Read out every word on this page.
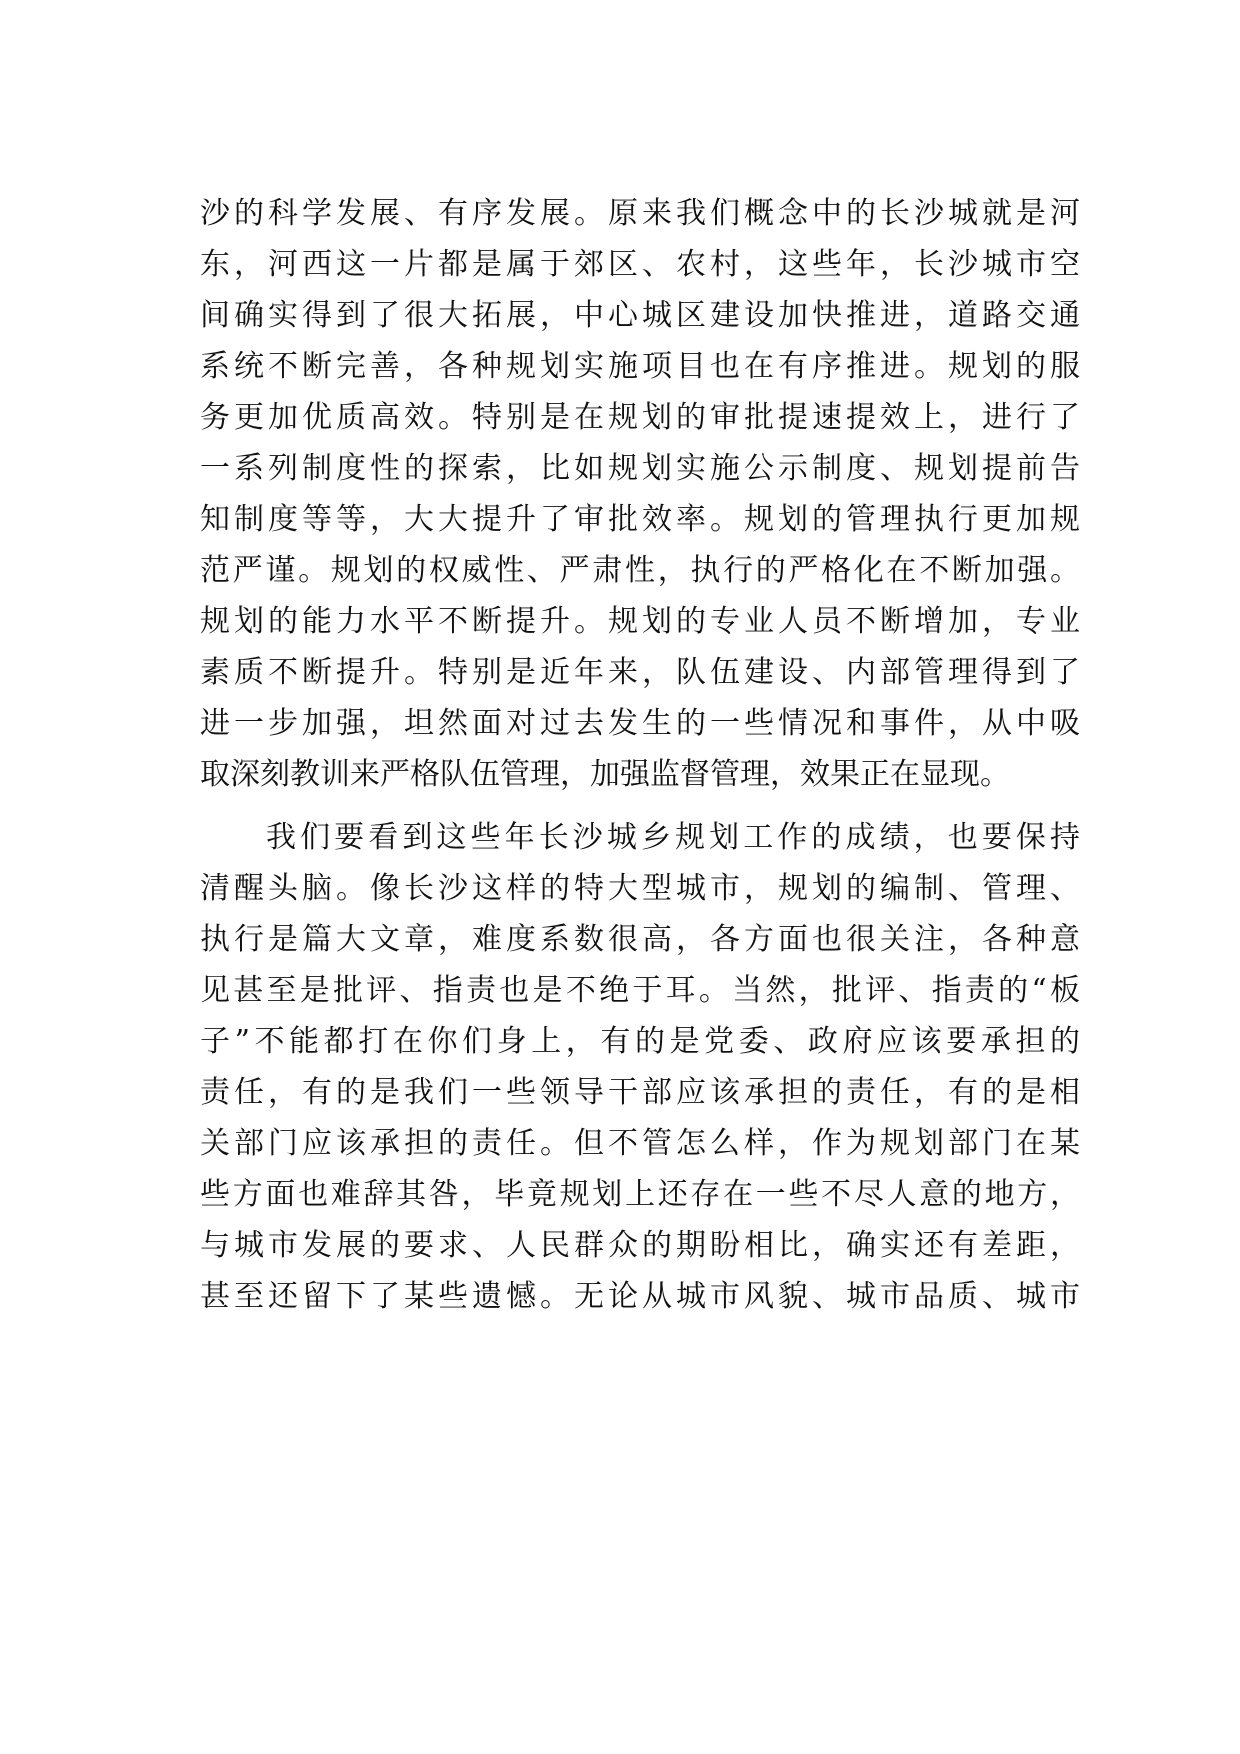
沙的科学发展、有序发展。原来我们概念中的长沙城就是河
东，河西这一片都是属于郊区、农村，这些年，长沙城市空
间确实得到了很大拓展，中心城区建设加快推进，道路交通
系统不断完善，各种规划实施项目也在有序推进。规划的服
务更加优质高效。特别是在规划的审批提速提效上，进行了
一系列制度性的探索，比如规划实施公示制度、规划提前告
知制度等等，大大提升了审批效率。规划的管理执行更加规
范严谨。规划的权威性、严肃性，执行的严格化在不断加强。
规划的能力水平不断提升。规划的专业人员不断增加，专业
素质不断提升。特别是近年来，队伍建设、内部管理得到了
进一步加强，坦然面对过去发生的一些情况和事件，从中吸
取深刻教训来严格队伍管理，加强监督管理，效果正在显现。
我们要看到这些年长沙城乡规划工作的成绩，也要保持
清醒头脑。像长沙这样的特大型城市，规划的编制、管理、
执行是篇大文章，难度系数很高，各方面也很关注，各种意
见甚至是批评、指责也是不绝于耳。当然，批评、指责的“板
子”不能都打在你们身上，有的是党委、政府应该要承担的
责任，有的是我们一些领导干部应该承担的责任，有的是相
关部门应该承担的责任。但不管怎么样，作为规划部门在某
些方面也难辞其咎，毕竟规划上还存在一些不尽人意的地方，
与城市发展的要求、人民群众的期盼相比，确实还有差距，
甚至还留下了某些遗憾。无论从城市风貌、城市品质、城市
